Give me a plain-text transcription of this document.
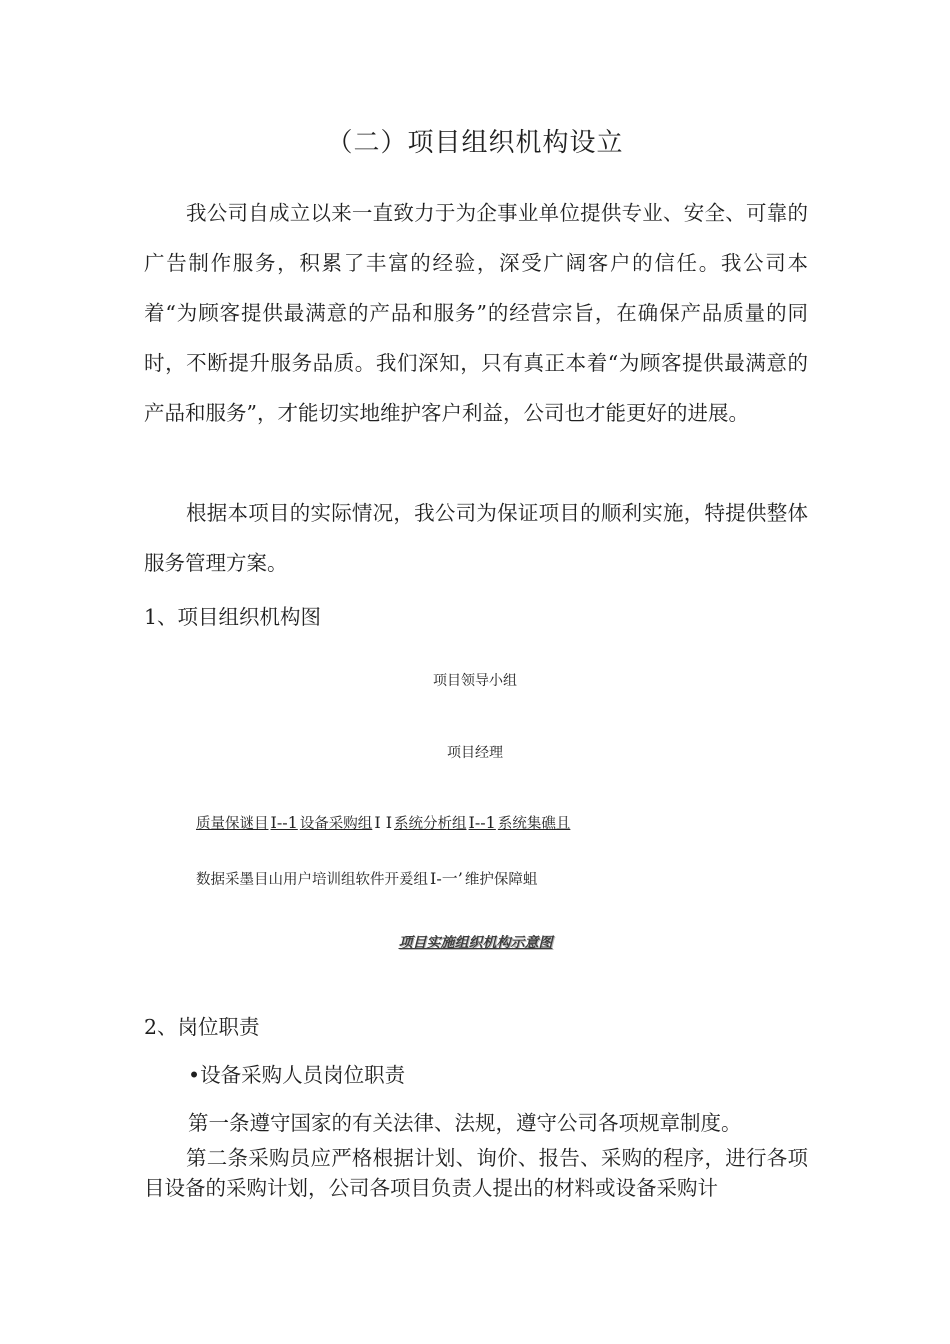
（二）项目组织机构设立
我公司自成立以来一直致力于为企事业单位提供专业、安全、可靠的广告制作服务，积累了丰富的经验，深受广阔客户的信任。我公司本着“为顾客提供最满意的产品和服务”的经营宗旨，在确保产品质量的同时，不断提升服务品质。我们深知，只有真正本着“为顾客提供最满意的产品和服务”，才能切实地维护客户利益，公司也才能更好的进展。
根据本项目的实际情况，我公司为保证项目的顺利实施，特提供整体服务管理方案。
1、项目组织机构图
项目领导小组
项目经理
质量保谜目 I--1 设备采购组 I I 系统分析组 I--1 系统集礁且
数据采墨目山用户培训组软件开爰组 I-一’ 维护保障蛆
项目实施组织机构示意图
2、岗位职责
•设备采购人员岗位职责
第一条遵守国家的有关法律、法规，遵守公司各项规章制度。
第二条采购员应严格根据计划、询价、报告、采购的程序，进行各项目设备的采购计划，公司各项目负责人提出的材料或设备采购计
